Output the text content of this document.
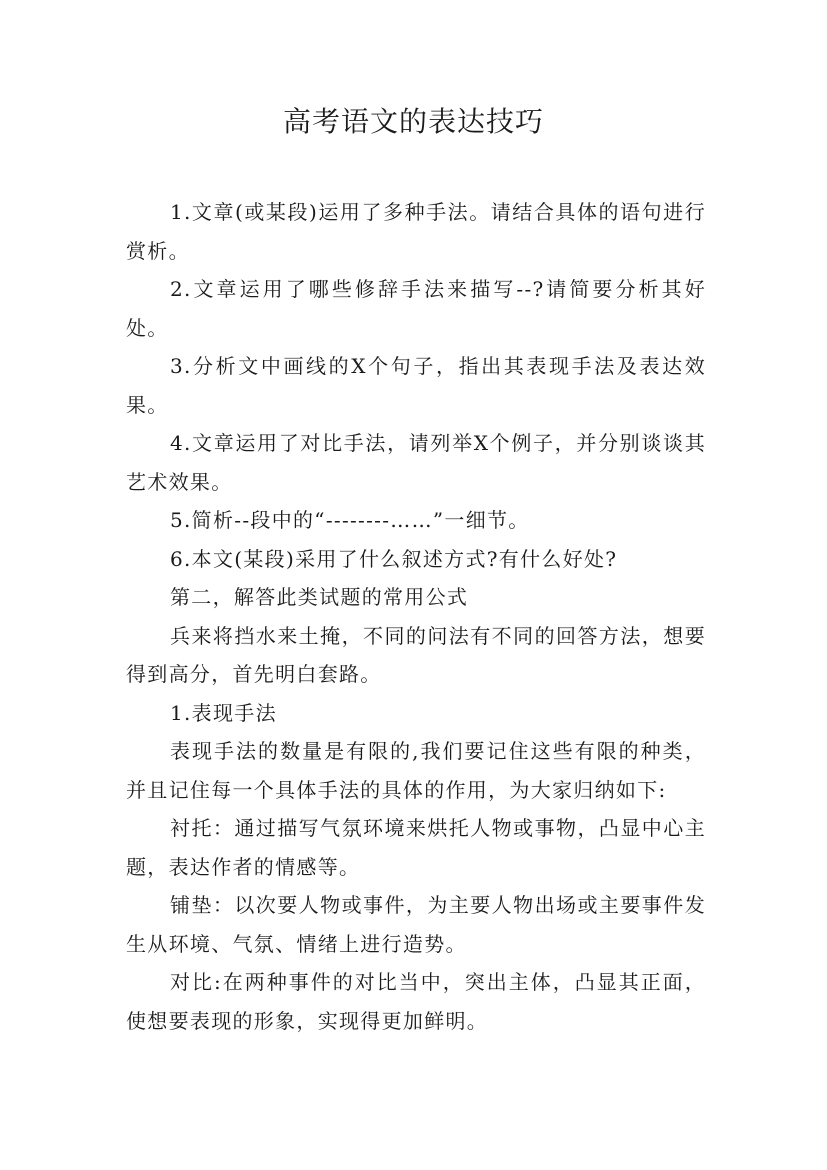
高考语文的表达技巧

1.文章(或某段)运用了多种手法。请结合具体的语句进行赏析。

2.文章运用了哪些修辞手法来描写--?请简要分析其好处。

3.分析文中画线的X个句子，指出其表现手法及表达效果。

4.文章运用了对比手法，请列举X个例子，并分别谈谈其艺术效果。

5.简析--段中的“--------……”一细节。

6.本文(某段)采用了什么叙述方式?有什么好处?

第二，解答此类试题的常用公式

兵来将挡水来土掩，不同的问法有不同的回答方法，想要得到高分，首先明白套路。

1.表现手法

表现手法的数量是有限的,我们要记住这些有限的种类，并且记住每一个具体手法的具体的作用，为大家归纳如下:

衬托：通过描写气氛环境来烘托人物或事物，凸显中心主题，表达作者的情感等。

铺垫：以次要人物或事件，为主要人物出场或主要事件发生从环境、气氛、情绪上进行造势。

对比:在两种事件的对比当中，突出主体，凸显其正面，使想要表现的形象，实现得更加鲜明。
